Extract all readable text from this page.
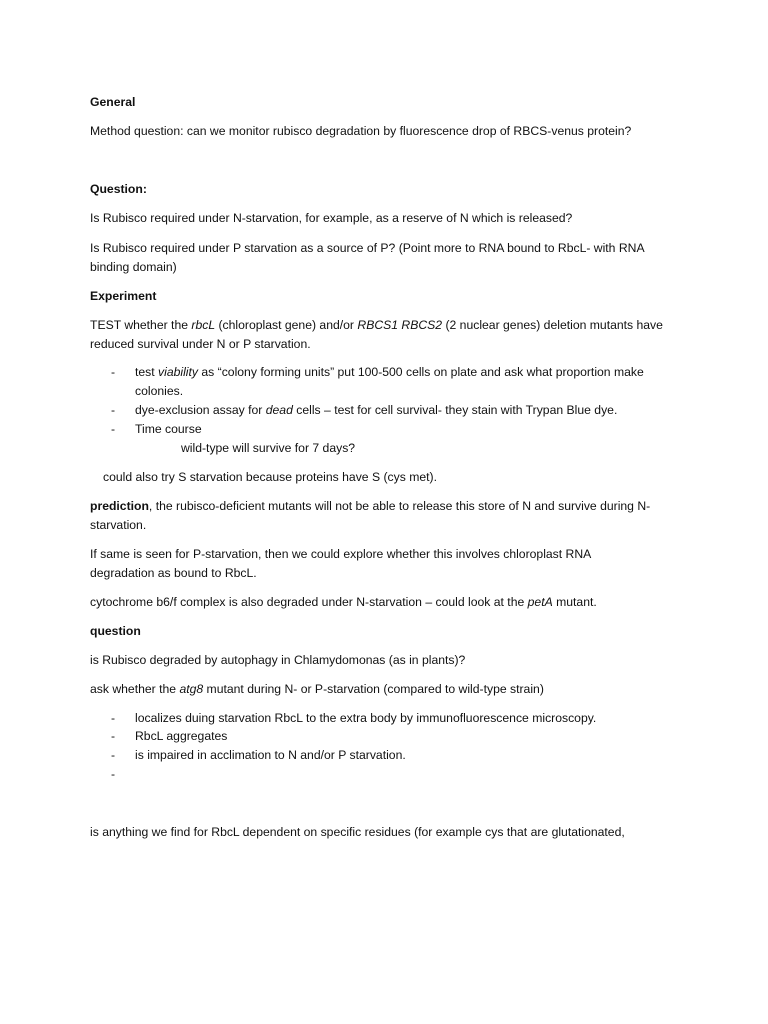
General
Method question: can we monitor rubisco degradation by fluorescence drop of RBCS-venus protein?
Question:
Is Rubisco required under N-starvation, for example, as a reserve of N which is released?
Is Rubisco required under P starvation as a source of P? (Point more to RNA bound to RbcL- with RNA
binding domain)
Experiment
TEST whether the rbcL (chloroplast gene) and/or RBCS1 RBCS2 (2 nuclear genes) deletion mutants have
reduced survival under N or P starvation.
- test viability as “colony forming units” put 100-500 cells on plate and ask what proportion make
colonies.
- dye-exclusion assay for dead cells – test for cell survival- they stain with Trypan Blue dye.
- Time course
wild-type will survive for 7 days?
could also try S starvation because proteins have S (cys met).
prediction, the rubisco-deficient mutants will not be able to release this store of N and survive during N-
starvation.
If same is seen for P-starvation, then we could explore whether this involves chloroplast RNA
degradation as bound to RbcL.
cytochrome b6/f complex is also degraded under N-starvation – could look at the petA mutant.
question
is Rubisco degraded by autophagy in Chlamydomonas (as in plants)?
ask whether the atg8 mutant during N- or P-starvation (compared to wild-type strain)
- localizes duing starvation RbcL to the extra body by immunofluorescence microscopy.
- RbcL aggregates
- is impaired in acclimation to N and/or P starvation.
-
is anything we find for RbcL dependent on specific residues (for example cys that are glutationated,
